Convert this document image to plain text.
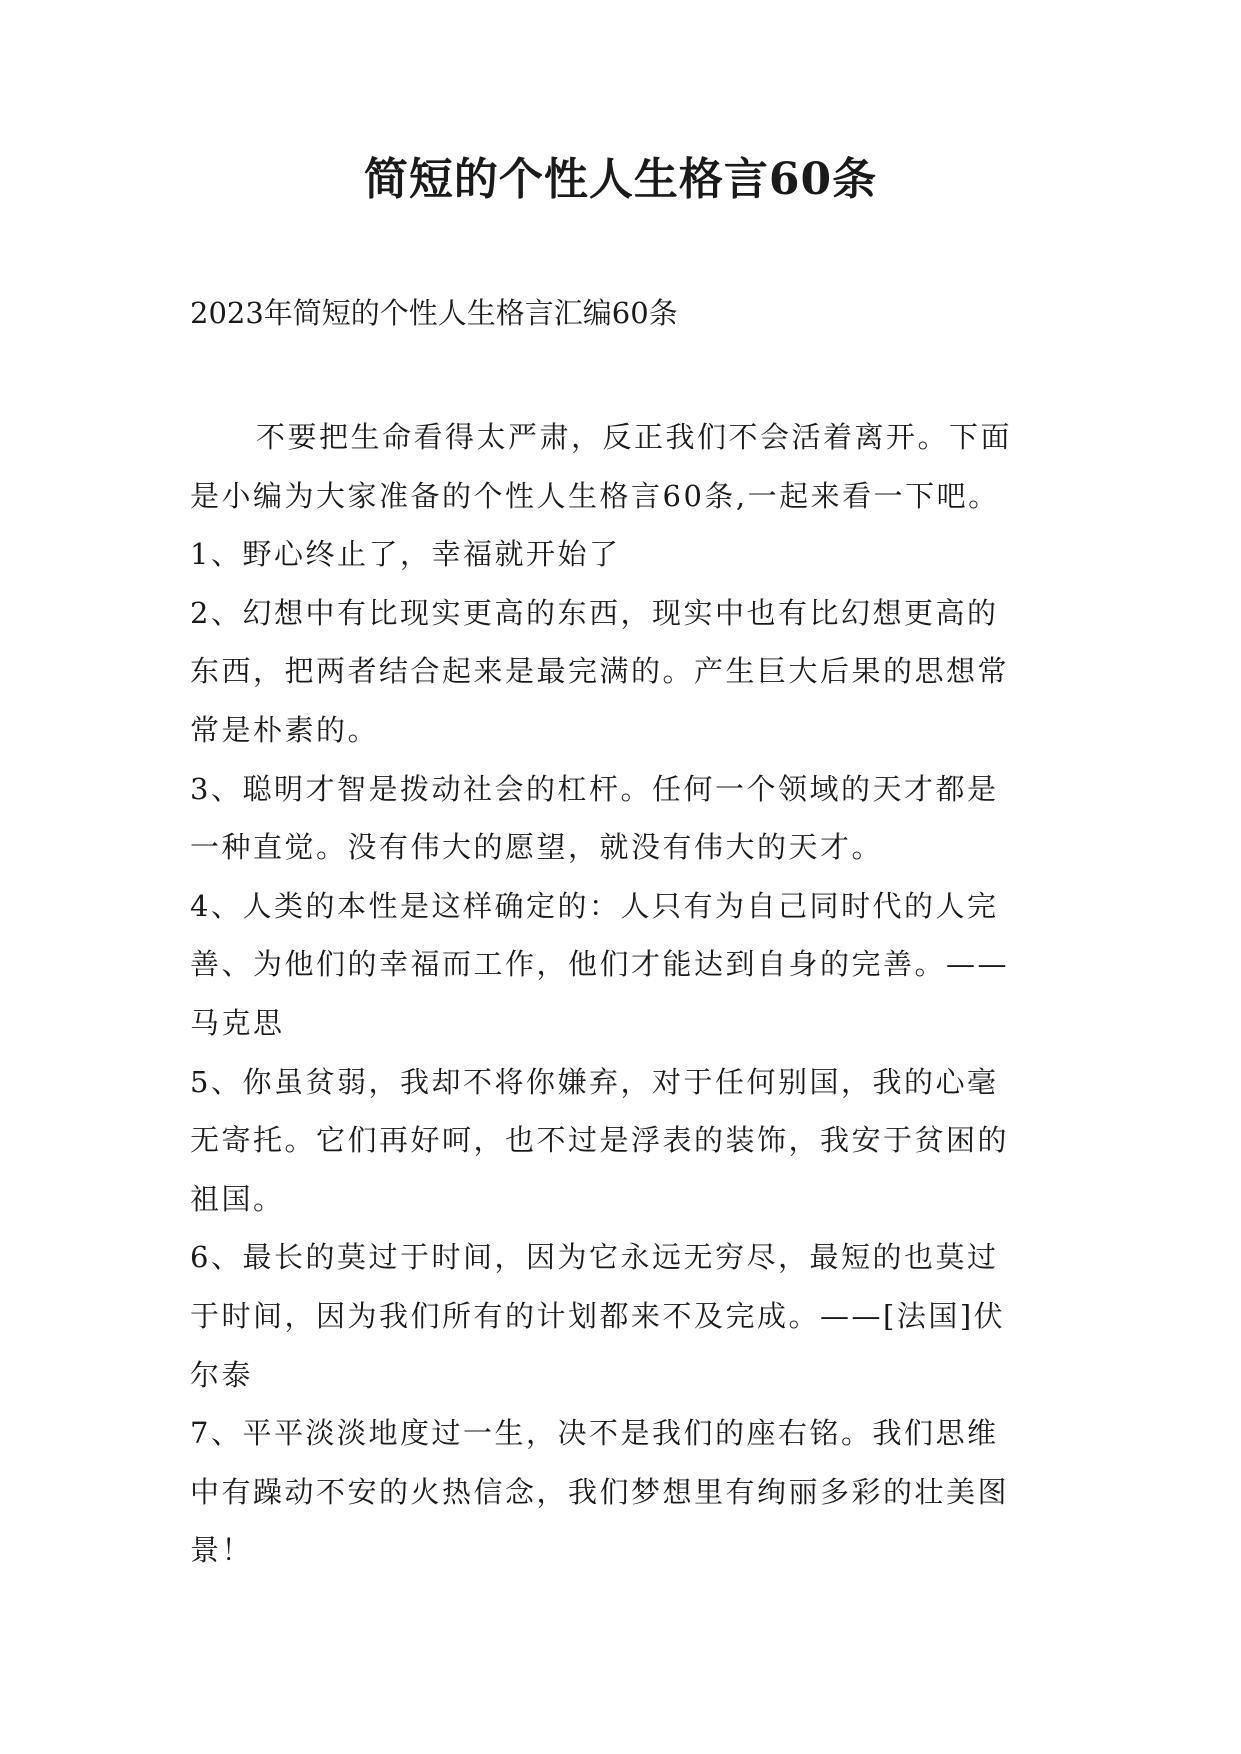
简短的个性人生格言60条

2023年简短的个性人生格言汇编60条

不要把生命看得太严肃，反正我们不会活着离开。下面
是小编为大家准备的个性人生格言60条,一起来看一下吧。
1、野心终止了，幸福就开始了
2、幻想中有比现实更高的东西，现实中也有比幻想更高的
东西，把两者结合起来是最完满的。产生巨大后果的思想常
常是朴素的。
3、聪明才智是拨动社会的杠杆。任何一个领域的天才都是
一种直觉。没有伟大的愿望，就没有伟大的天才。
4、人类的本性是这样确定的：人只有为自己同时代的人完
善、为他们的幸福而工作，他们才能达到自身的完善。——
马克思
5、你虽贫弱，我却不将你嫌弃，对于任何别国，我的心毫
无寄托。它们再好呵，也不过是浮表的装饰，我安于贫困的
祖国。
6、最长的莫过于时间，因为它永远无穷尽，最短的也莫过
于时间，因为我们所有的计划都来不及完成。——[法国]伏
尔泰
7、平平淡淡地度过一生，决不是我们的座右铭。我们思维
中有躁动不安的火热信念，我们梦想里有绚丽多彩的壮美图
景！
